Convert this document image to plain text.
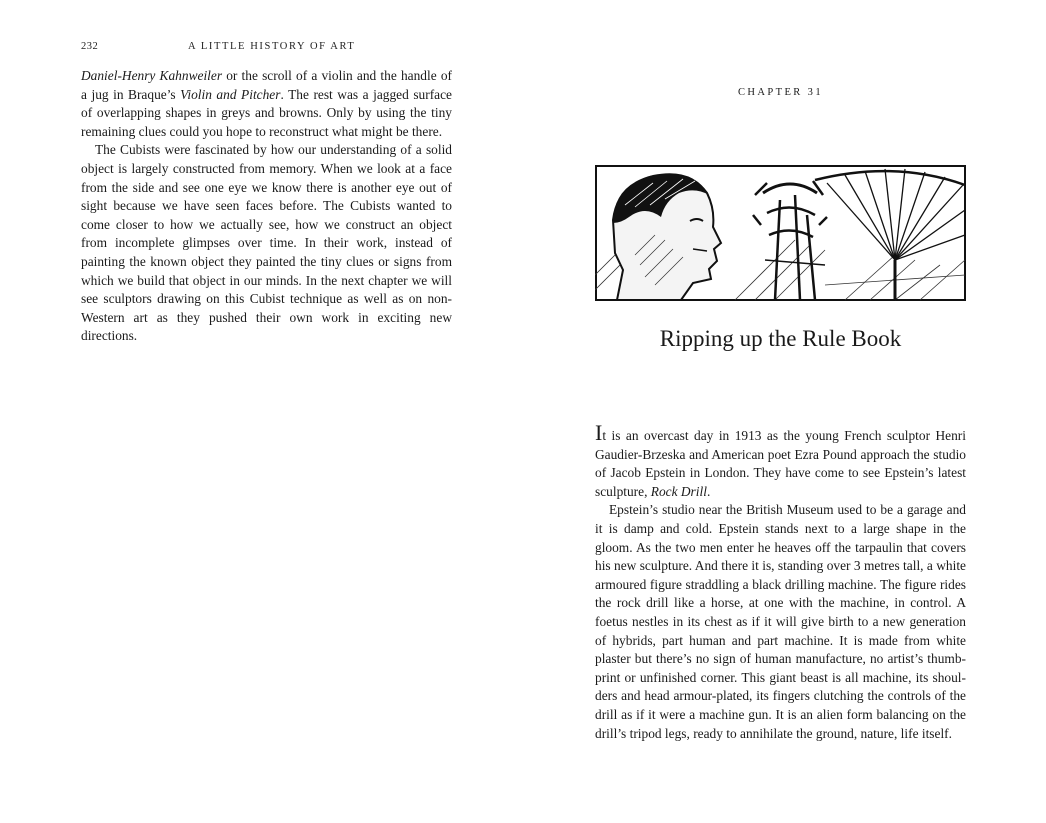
232	A LITTLE HISTORY OF ART

Daniel-Henry Kahnweiler or the scroll of a violin and the handle of a jug in Braque’s Violin and Pitcher. The rest was a jagged surface of overlapping shapes in greys and browns. Only by using the tiny remaining clues could you hope to reconstruct what might be there.

The Cubists were fascinated by how our understanding of a solid object is largely constructed from memory. When we look at a face from the side and see one eye we know there is another eye out of sight because we have seen faces before. The Cubists wanted to come closer to how we actually see, how we construct an object from incomplete glimpses over time. In their work, instead of painting the known object they painted the tiny clues or signs from which we build that object in our minds. In the next chapter we will see sculptors drawing on this Cubist technique as well as on non-Western art as they pushed their own work in exciting new directions.

CHAPTER 31
Ripping up the Rule Book

It is an overcast day in 1913 as the young French sculptor Henri Gaudier-Brzeska and American poet Ezra Pound approach the studio of Jacob Epstein in London. They have come to see Epstein’s latest sculpture, Rock Drill.

Epstein’s studio near the British Museum used to be a garage and it is damp and cold. Epstein stands next to a large shape in the gloom. As the two men enter he heaves off the tarpaulin that covers his new sculpture. And there it is, standing over 3 metres tall, a white armoured figure straddling a black drilling machine. The figure rides the rock drill like a horse, at one with the machine, in control. A foetus nestles in its chest as if it will give birth to a new generation of hybrids, part human and part machine. It is made from white plaster but there’s no sign of human manufacture, no artist’s thumbprint or unfinished corner. This giant beast is all machine, its shoulders and head armour-plated, its fingers clutching the controls of the drill as if it were a machine gun. It is an alien form balancing on the drill’s tripod legs, ready to annihilate the ground, nature, life itself.
